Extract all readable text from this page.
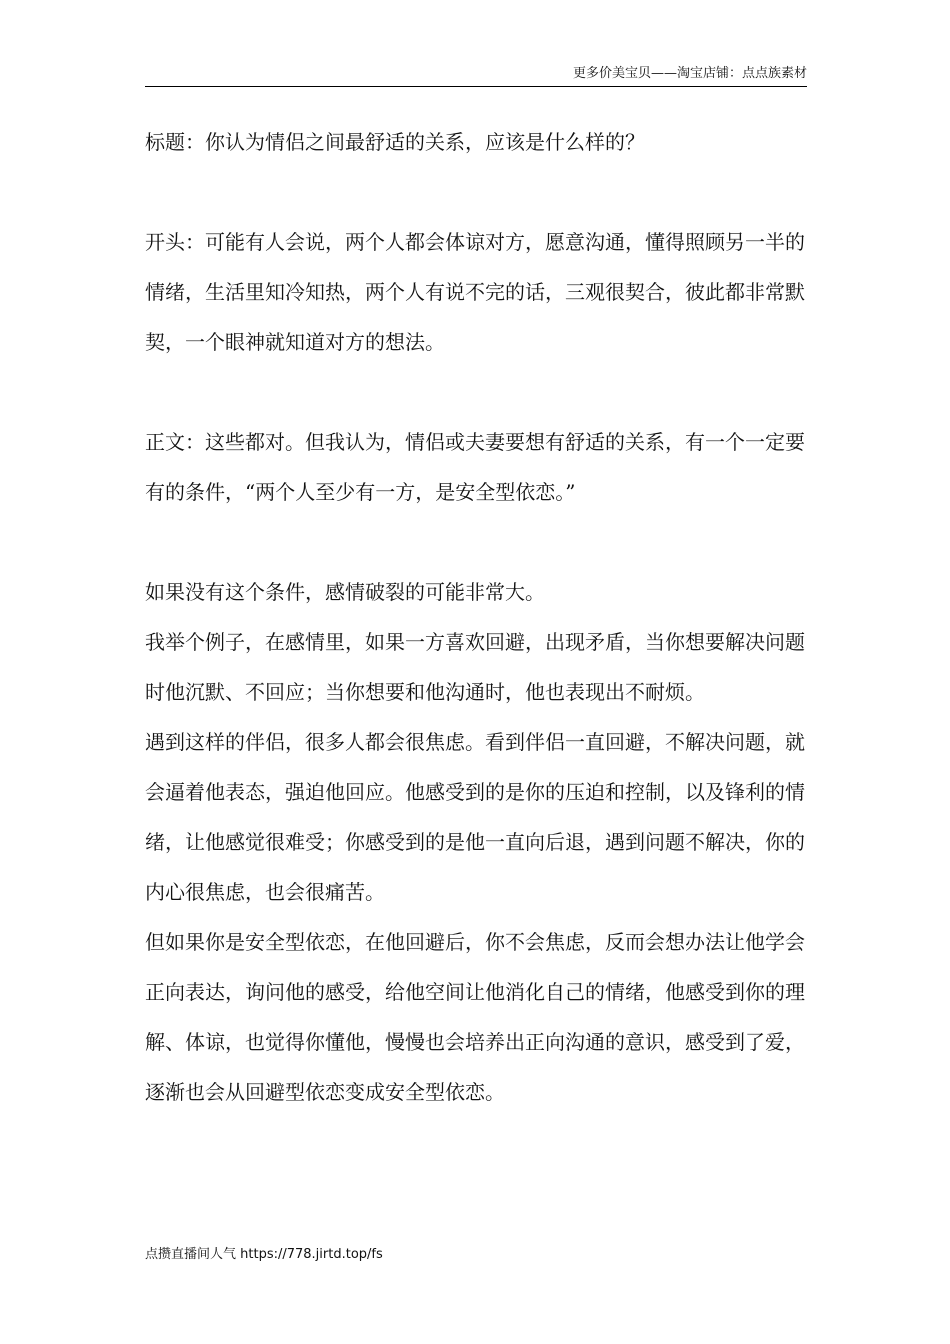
更多价美宝贝——淘宝店铺：点点族素材

标题：你认为情侣之间最舒适的关系，应该是什么样的？

开头：可能有人会说，两个人都会体谅对方，愿意沟通，懂得照顾另一半的情绪，生活里知冷知热，两个人有说不完的话，三观很契合，彼此都非常默契，一个眼神就知道对方的想法。

正文：这些都对。但我认为，情侣或夫妻要想有舒适的关系，有一个一定要有的条件，“两个人至少有一方，是安全型依恋。”

如果没有这个条件，感情破裂的可能非常大。

我举个例子，在感情里，如果一方喜欢回避，出现矛盾，当你想要解决问题时他沉默、不回应；当你想要和他沟通时，他也表现出不耐烦。

遇到这样的伴侣，很多人都会很焦虑。看到伴侣一直回避，不解决问题，就会逼着他表态，强迫他回应。他感受到的是你的压迫和控制，以及锋利的情绪，让他感觉很难受；你感受到的是他一直向后退，遇到问题不解决，你的内心很焦虑，也会很痛苦。

但如果你是安全型依恋，在他回避后，你不会焦虑，反而会想办法让他学会正向表达，询问他的感受，给他空间让他消化自己的情绪，他感受到你的理解、体谅，也觉得你懂他，慢慢也会培养出正向沟通的意识，感受到了爱，逐渐也会从回避型依恋变成安全型依恋。

点攒直播间人气 https://778.jirtd.top/fs
